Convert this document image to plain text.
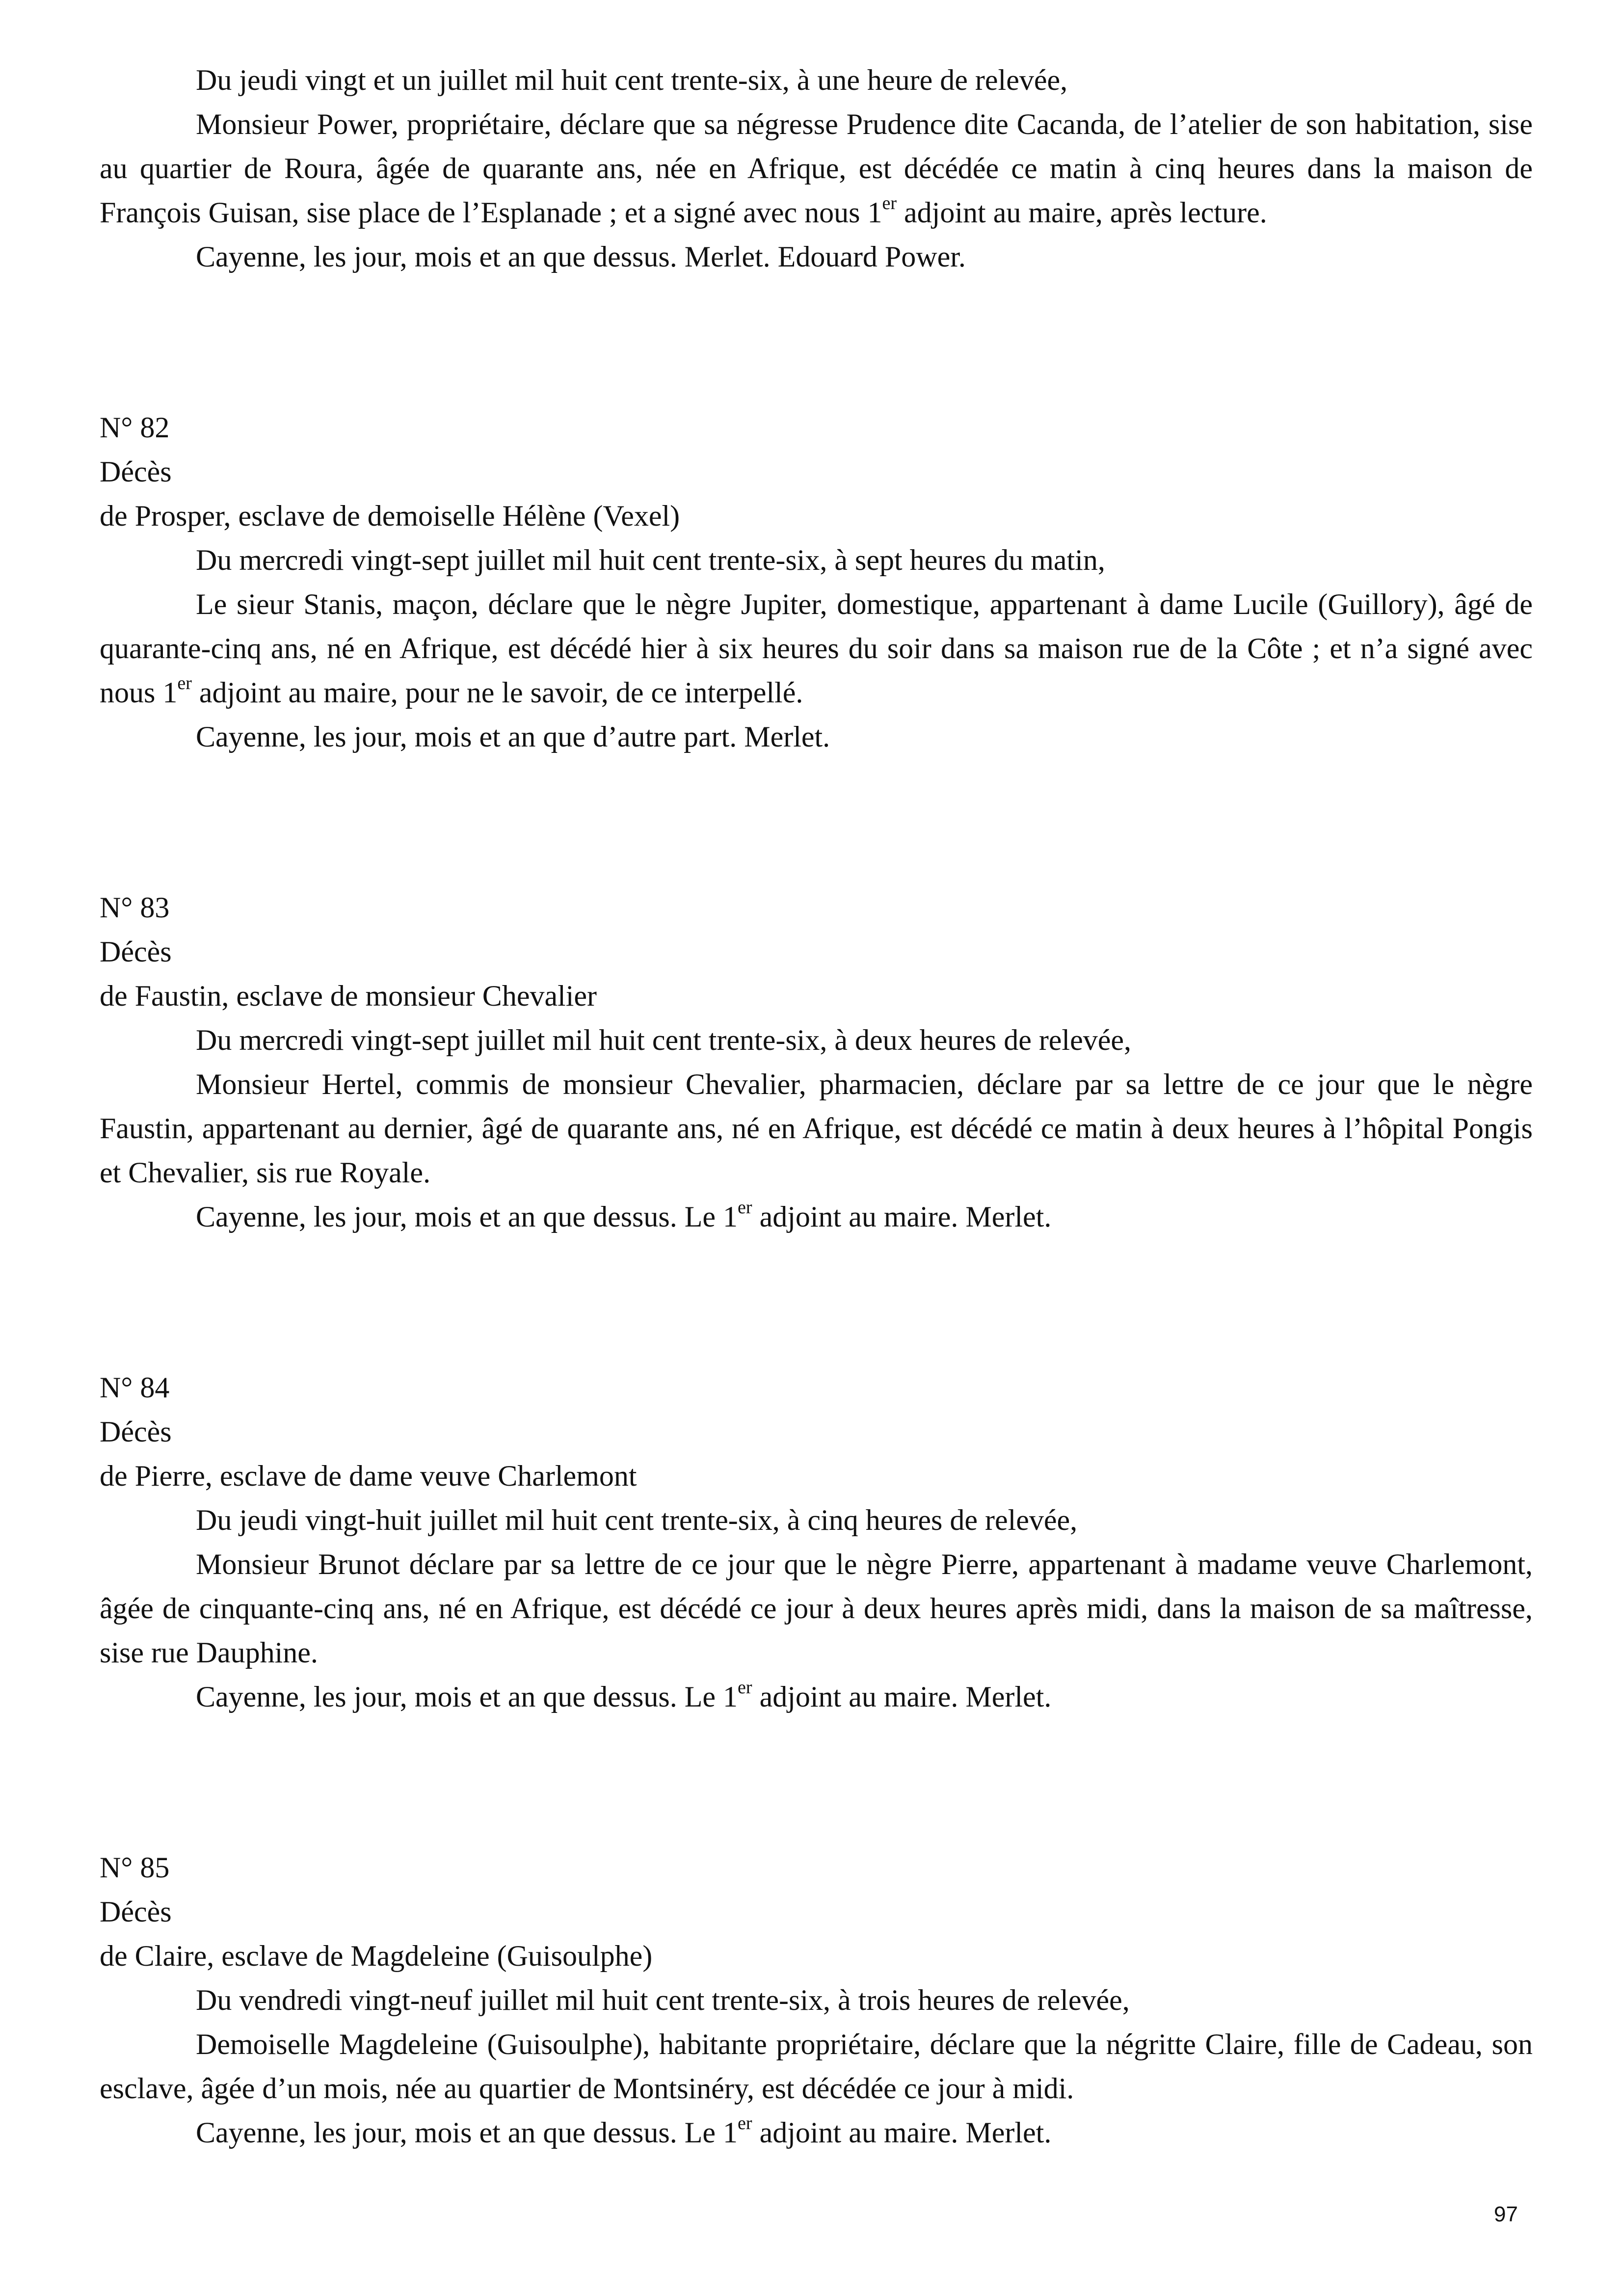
Du jeudi vingt et un juillet mil huit cent trente-six, à une heure de relevée,

Monsieur Power, propriétaire, déclare que sa négresse Prudence dite Cacanda, de l’atelier de son habitation, sise au quartier de Roura, âgée de quarante ans, née en Afrique, est décédée ce matin à cinq heures dans la maison de François Guisan, sise place de l’Esplanade ; et a signé avec nous 1er adjoint au maire, après lecture.

Cayenne, les jour, mois et an que dessus. Merlet. Edouard Power.

N° 82

Décès

de Prosper, esclave de demoiselle Hélène (Vexel)

Du mercredi vingt-sept juillet mil huit cent trente-six, à sept heures du matin,

Le sieur Stanis, maçon, déclare que le nègre Jupiter, domestique, appartenant à dame Lucile (Guillory), âgé de quarante-cinq ans, né en Afrique, est décédé hier à six heures du soir dans sa maison rue de la Côte ; et n’a signé avec nous 1er adjoint au maire, pour ne le savoir, de ce interpellé.

Cayenne, les jour, mois et an que d’autre part. Merlet.

N° 83

Décès

de Faustin, esclave de monsieur Chevalier

Du mercredi vingt-sept juillet mil huit cent trente-six, à deux heures de relevée,

Monsieur Hertel, commis de monsieur Chevalier, pharmacien, déclare par sa lettre de ce jour que le nègre Faustin, appartenant au dernier, âgé de quarante ans, né en Afrique, est décédé ce matin à deux heures à l’hôpital Pongis et Chevalier, sis rue Royale.

Cayenne, les jour, mois et an que dessus. Le 1er adjoint au maire. Merlet.

N° 84

Décès

de Pierre, esclave de dame veuve Charlemont

Du jeudi vingt-huit juillet mil huit cent trente-six, à cinq heures de relevée,

Monsieur Brunot déclare par sa lettre de ce jour que le nègre Pierre, appartenant à madame veuve Charlemont, âgée de cinquante-cinq ans, né en Afrique, est décédé ce jour à deux heures après midi, dans la maison de sa maîtresse, sise rue Dauphine.

Cayenne, les jour, mois et an que dessus. Le 1er adjoint au maire. Merlet.

N° 85

Décès

de Claire, esclave de Magdeleine (Guisoulphe)

Du vendredi vingt-neuf juillet mil huit cent trente-six, à trois heures de relevée,

Demoiselle Magdeleine (Guisoulphe), habitante propriétaire, déclare que la négritte Claire, fille de Cadeau, son esclave, âgée d’un mois, née au quartier de Montsinéry, est décédée ce jour à midi.

Cayenne, les jour, mois et an que dessus. Le 1er adjoint au maire. Merlet.

97
